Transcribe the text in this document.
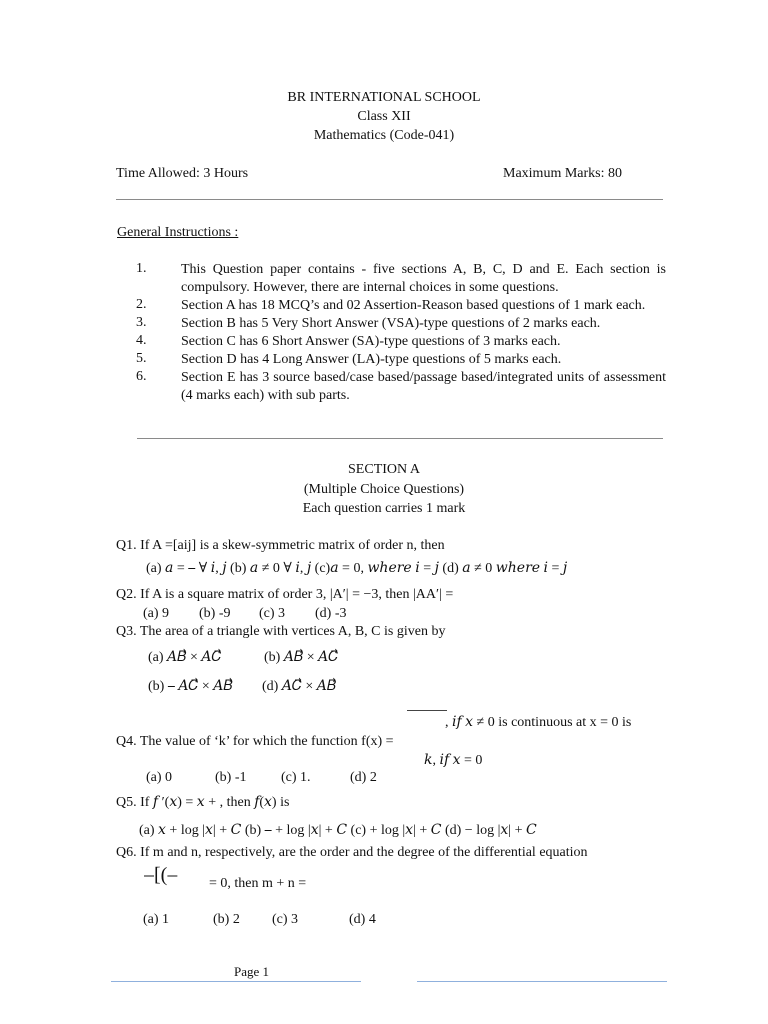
BR INTERNATIONAL SCHOOL
Class XII
Mathematics (Code-041)
Time Allowed: 3 Hours	Maximum Marks: 80
General Instructions :
1.	This Question paper contains - five sections A, B, C, D and E. Each section is compulsory. However, there are internal choices in some questions.
2.	Section A has 18 MCQ’s and 02 Assertion-Reason based questions of 1 mark each.
3.	Section B has 5 Very Short Answer (VSA)-type questions of 2 marks each.
4.	Section C has 6 Short Answer (SA)-type questions of 3 marks each.
5.	Section D has 4 Long Answer (LA)-type questions of 5 marks each.
6.	Section E has 3 source based/case based/passage based/integrated units of assessment (4 marks each) with sub parts.
SECTION A
(Multiple Choice Questions)
Each question carries 1 mark
Q1. If A =[aij] is a skew-symmetric matrix of order n, then
(a) 𝑎 = ⎯ ∀ 𝑖, 𝑗 (b) 𝑎 ≠ 0 ∀ 𝑖, 𝑗 (c)𝑎 = 0, 𝑤ℎ𝑒𝑟𝑒 𝑖 = 𝑗 (d) 𝑎 ≠ 0 𝑤ℎ𝑒𝑟𝑒 𝑖 = 𝑗
Q2. If A is a square matrix of order 3, |A′| = −3, then |AA′| =
(a) 9 (b) -9 (c) 3 (d) -3
Q3. The area of a triangle with vertices A, B, C is given by
(a) 𝐴𝐵⃗ × 𝐴𝐶⃗	(b) 𝐴𝐵⃗ × 𝐴𝐶⃗
(b) ⎯ 𝐴𝐶⃗ × 𝐴𝐵⃗ (d) 𝐴𝐶⃗ × 𝐴𝐵⃗
, 𝑖𝑓 𝑥 ≠ 0 is continuous at x = 0 is
Q4. The value of ‘k’ for which the function f(x) =
𝑘, 𝑖𝑓 𝑥 = 0
(a) 0	(b) -1 (c) 1.	(d) 2
Q5. If 𝑓 ′(𝑥) = 𝑥 + , then 𝑓(𝑥) is
(a) 𝑥 + log |𝑥| + 𝐶 (b) ⎯ + log |𝑥| + 𝐶 (c) + log |𝑥| + 𝐶 (d) − log |𝑥| + 𝐶
Q6. If m and n, respectively, are the order and the degree of the differential equation
⎯[(⎯ = 0, then m + n =
(a) 1	(b) 2 (c) 3	(d) 4
Page 1
